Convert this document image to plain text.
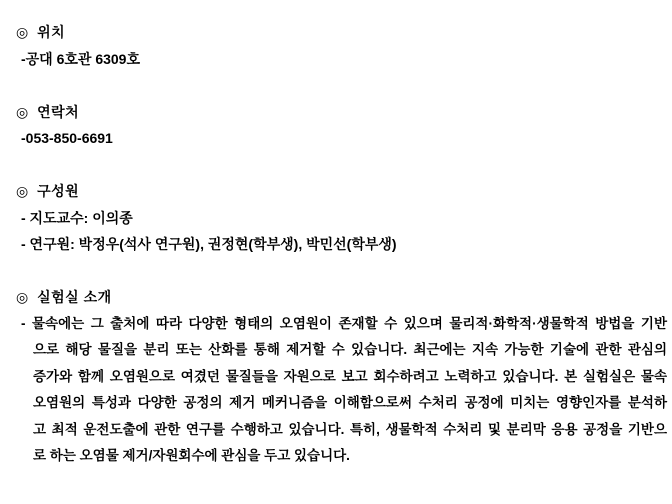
◎ 위치
-공대 6호관 6309호
◎ 연락처
-053-850-6691
◎ 구성원
- 지도교수: 이의종
- 연구원: 박정우(석사 연구원), 권정현(학부생), 박민선(학부생)
◎ 실험실 소개
- 물속에는 그 출처에 따라 다양한 형태의 오염원이 존재할 수 있으며 물리적·화학적·생물학적 방법을 기반
으로 해당 물질을 분리 또는 산화를 통해 제거할 수 있습니다. 최근에는 지속 가능한 기술에 관한 관심의
증가와 함께 오염원으로 여겼던 물질들을 자원으로 보고 회수하려고 노력하고 있습니다. 본 실험실은 물속
오염원의 특성과 다양한 공정의 제거 메커니즘을 이해함으로써 수처리 공정에 미치는 영향인자를 분석하
고 최적 운전도출에 관한 연구를 수행하고 있습니다. 특히, 생물학적 수처리 및 분리막 응용 공정을 기반으
로 하는 오염물 제거/자원회수에 관심을 두고 있습니다.
